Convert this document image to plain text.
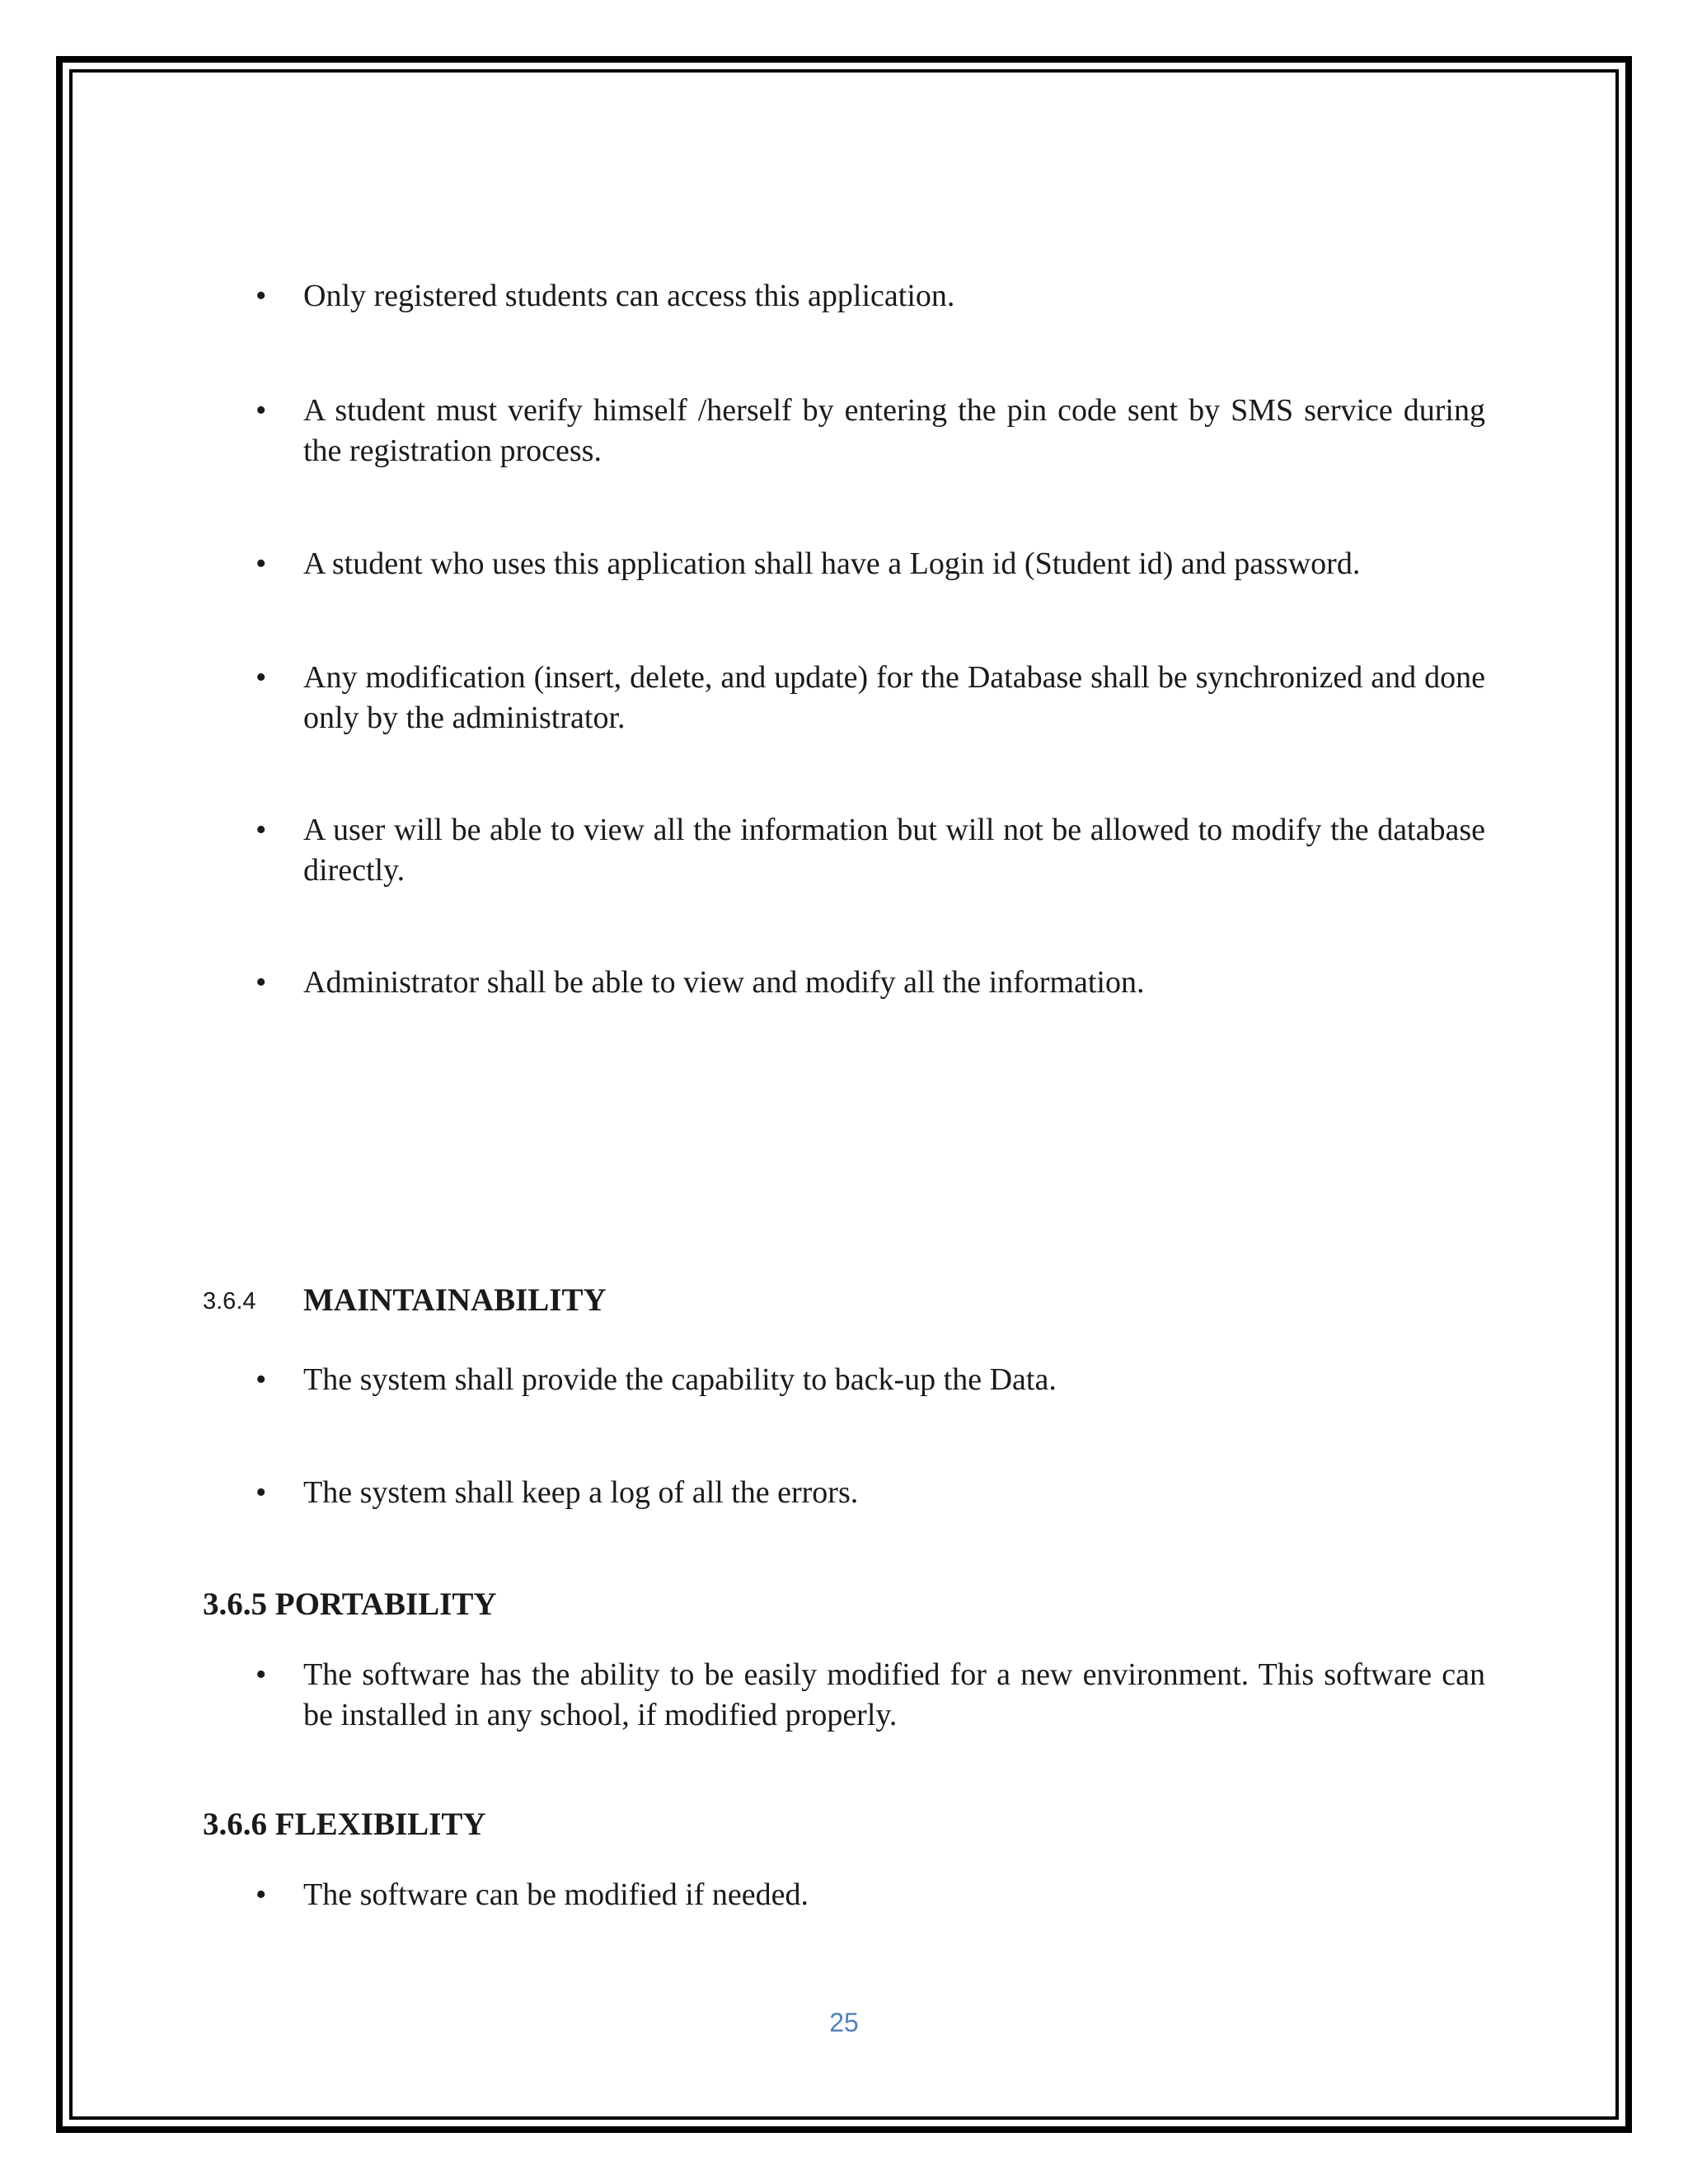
• Only registered students can access this application.
• A student must verify himself /herself by entering the pin code sent by SMS service during the registration process.
• A student who uses this application shall have a Login id (Student id) and password.
• Any modification (insert, delete, and update) for the Database shall be synchronized and done only by the administrator.
• A user will be able to view all the information but will not be allowed to modify the database directly.
• Administrator shall be able to view and modify all the information.
3.6.4 MAINTAINABILITY
• The system shall provide the capability to back-up the Data.
• The system shall keep a log of all the errors.
3.6.5 PORTABILITY
• The software has the ability to be easily modified for a new environment. This software can be installed in any school, if modified properly.
3.6.6 FLEXIBILITY
• The software can be modified if needed.
25
